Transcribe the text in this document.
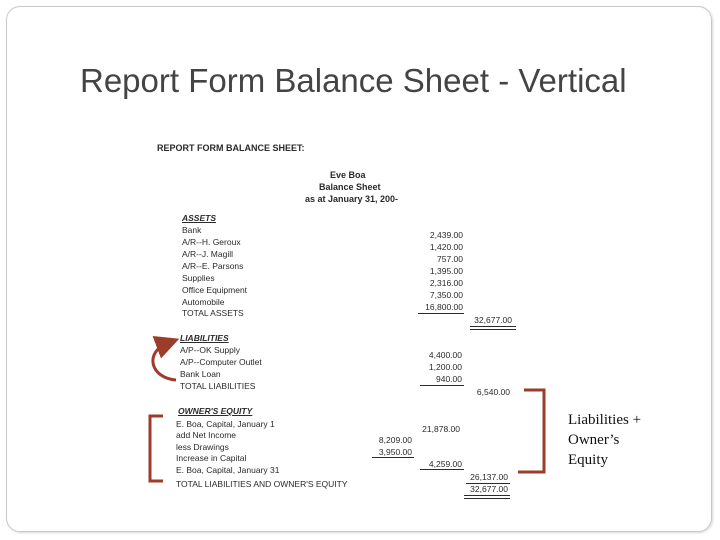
Report Form Balance Sheet - Vertical
REPORT FORM BALANCE SHEET:
Eve Boa
Balance Sheet
as at January 31, 200-
ASSETS
Bank
A/R--H. Geroux
A/R--J. Magill
A/R--E. Parsons
Supplies
Office Equipment
Automobile
TOTAL ASSETS
2,439.00
1,420.00
757.00
1,395.00
2,316.00
7,350.00
16,800.00
32,677.00
LIABILITIES
A/P--OK Supply
A/P--Computer Outlet
Bank Loan
TOTAL LIABILITIES
4,400.00
1,200.00
940.00
6,540.00
OWNER'S EQUITY
E. Boa, Capital, January 1
add Net Income
less Drawings
Increase in Capital
E. Boa, Capital, January 31
TOTAL LIABILITIES AND OWNER'S EQUITY
21,878.00
8,209.00
3,950.00
4,259.00
26,137.00
32,677.00
Liabilities +
Owner’s
Equity
